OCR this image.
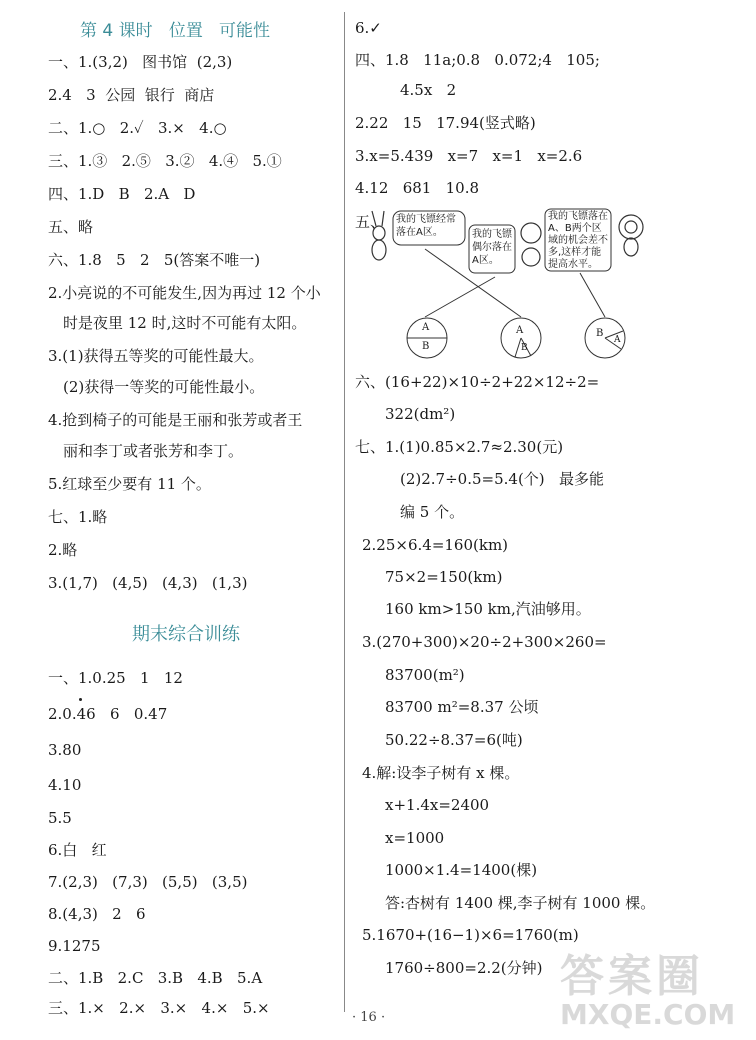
第 4 课时   位置   可能性
一、1.(3,2)   图书馆  (2,3)
2.4   3  公园  银行  商店
二、1.○   2.✓   3.×   4.○
三、1.③   2.⑤   3.②   4.④   5.①
四、1.D   B   2.A   D
五、略
六、1.8   5   2   5(答案不唯一)
2.小亮说的不可能发生,因为再过 12 个小
时是夜里 12 时,这时不可能有太阳。
3.(1)获得五等奖的可能性最大。
(2)获得一等奖的可能性最小。
4.抢到椅子的可能是王丽和张芳或者王
丽和李丁或者张芳和李丁。
5.红球至少要有 11 个。
七、1.略
2.略
3.(1,7)   (4,5)   (4,3)   (1,3)
期末综合训练
一、1.0.25   1   12
2.0.46   6   0.47
3.80
4.10
5.5
6.白   红
7.(2,3)   (7,3)   (5,5)   (3,5)
8.(4,3)   2   6
9.1275
二、1.B   2.C   3.B   4.B   5.A
三、1.×   2.×   3.×   4.×   5.×
6.✓
四、1.8   11a;0.8   0.072;4   105;
4.5x   2
2.22   15   17.94(竖式略)
3.x=5.439   x=7   x=1   x=2.6
4.12   681   10.8
五、 我的飞镖经常落在A区。	我的飞镖偶尔落在A区。
我的飞镖落在A、B两个区域的机会差不多,这样才能提高水平。
A
B
A
B
B
A
六、(16+22)×10÷2+22×12÷2=
322(dm²)
七、1.(1)0.85×2.7≈2.30(元)
(2)2.7÷0.5=5.4(个)   最多能
编 5 个。
2.25×6.4=160(km)
75×2=150(km)
160 km>150 km,汽油够用。
3.(270+300)×20÷2+300×260=
83700(m²)
83700 m²=8.37 公顷
50.22÷8.37=6(吨)
4.解:设李子树有 x 棵。
x+1.4x=2400
x=1000
1000×1.4=1400(棵)
答:杏树有 1400 棵,李子树有 1000 棵。
5.1670+(16−1)×6=1760(m)
1760÷800=2.2(分钟) 答案圈
MXQE.COM
· 16 ·
